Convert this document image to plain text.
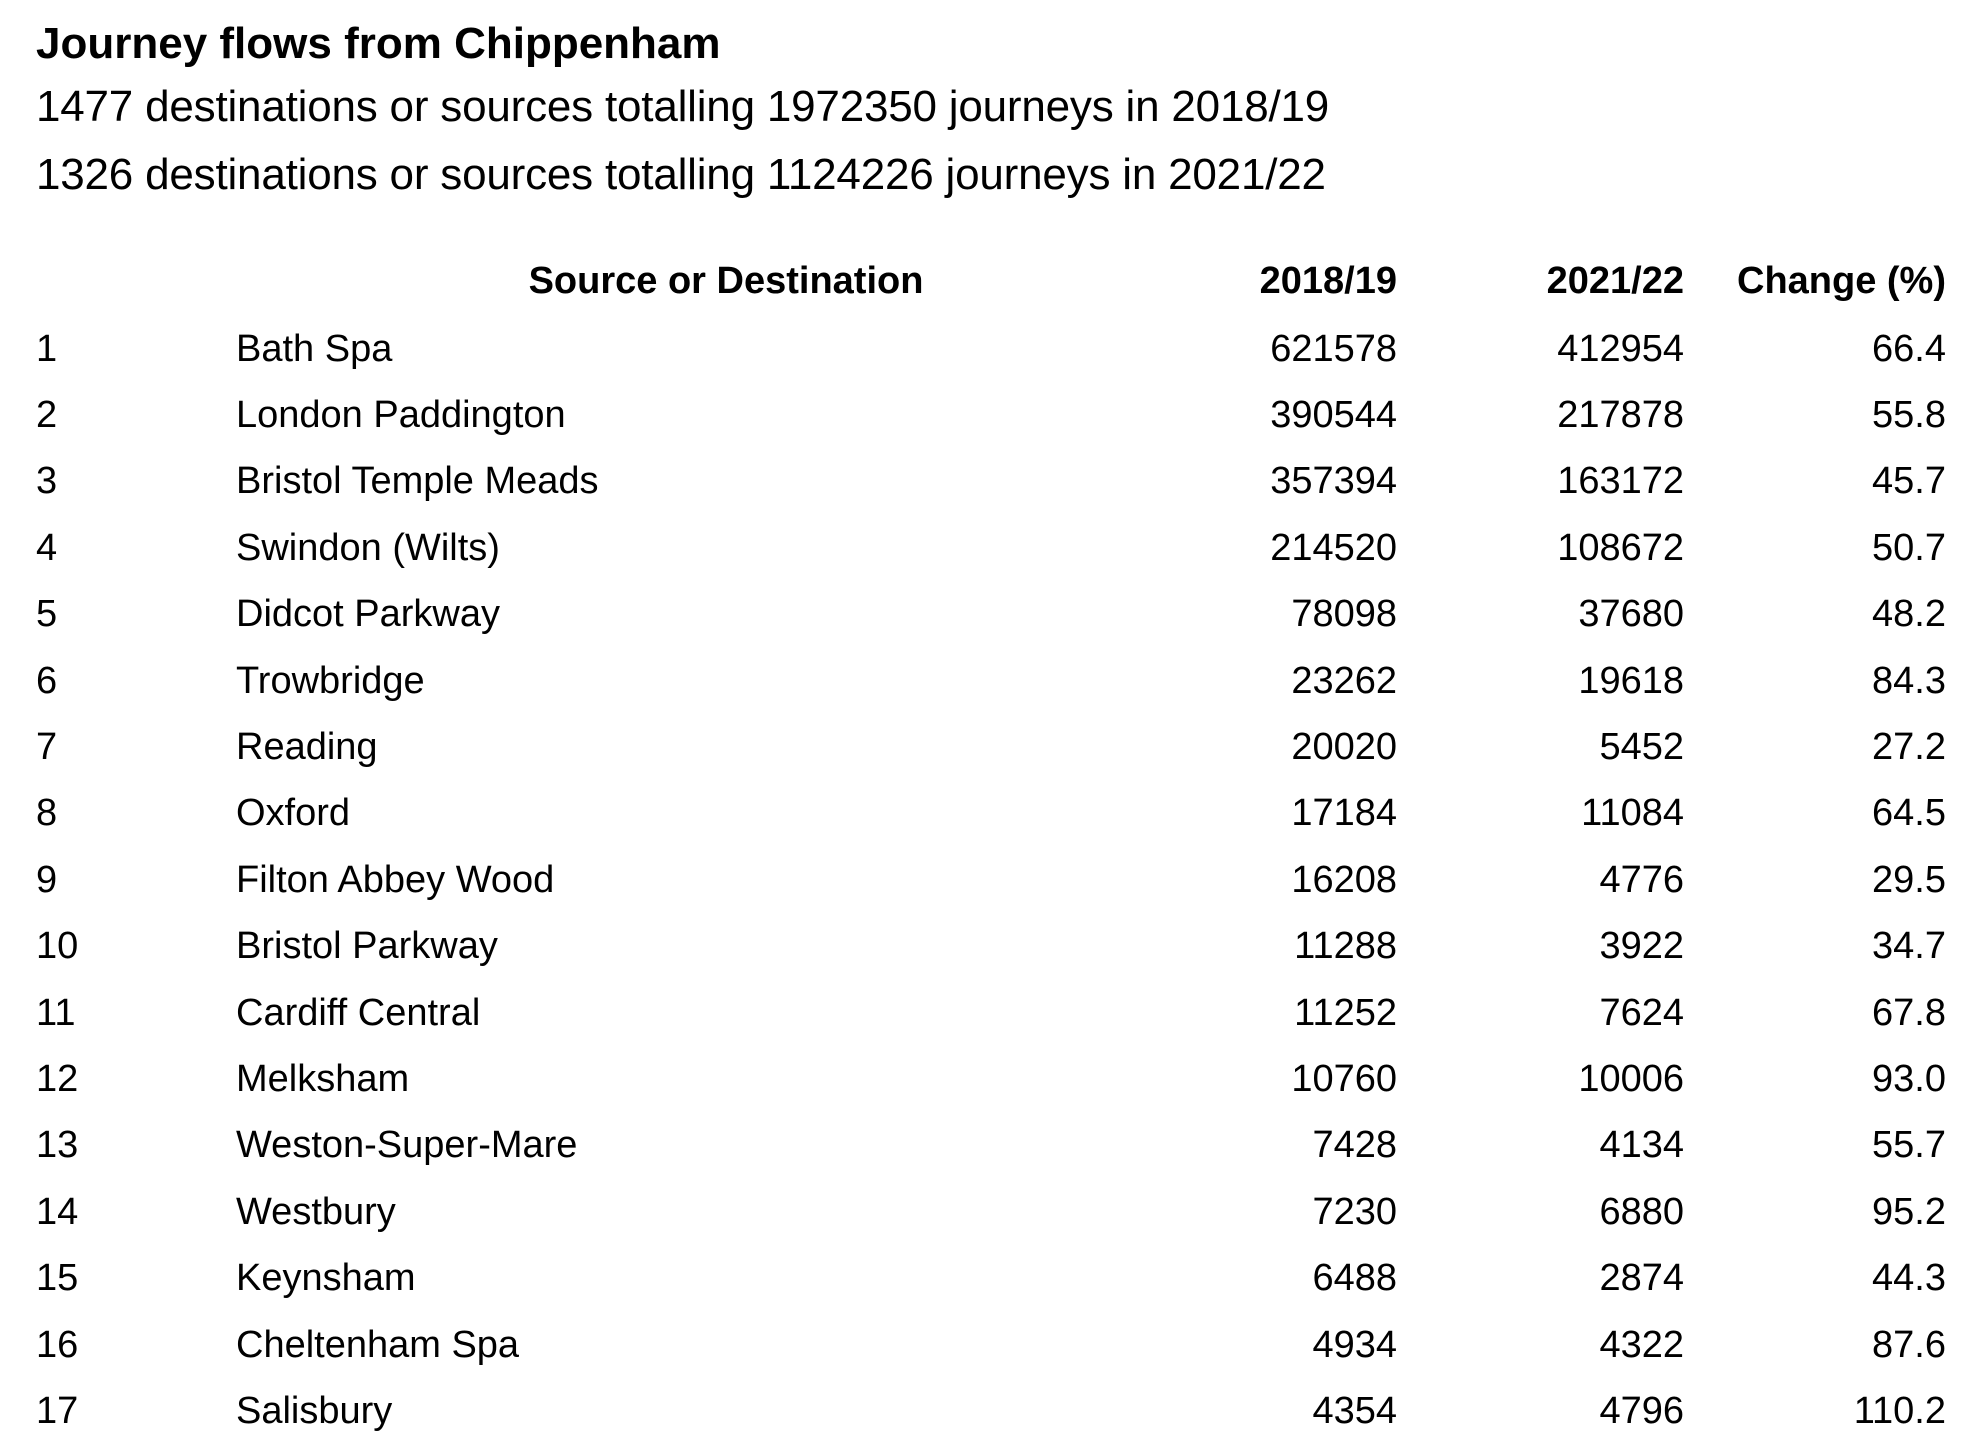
Journey flows from Chippenham

1477 destinations or sources totalling 1972350 journeys in 2018/19

1326 destinations or sources totalling 1124226 journeys in 2021/22

	Source or Destination	2018/19	2021/22	Change (%)
1	Bath Spa	621578	412954	66.4
2	London Paddington	390544	217878	55.8
3	Bristol Temple Meads	357394	163172	45.7
4	Swindon (Wilts)	214520	108672	50.7
5	Didcot Parkway	78098	37680	48.2
6	Trowbridge	23262	19618	84.3
7	Reading	20020	5452	27.2
8	Oxford	17184	11084	64.5
9	Filton Abbey Wood	16208	4776	29.5
10	Bristol Parkway	11288	3922	34.7
11	Cardiff Central	11252	7624	67.8
12	Melksham	10760	10006	93.0
13	Weston-Super-Mare	7428	4134	55.7
14	Westbury	7230	6880	95.2
15	Keynsham	6488	2874	44.3
16	Cheltenham Spa	4934	4322	87.6
17	Salisbury	4354	4796	110.2
